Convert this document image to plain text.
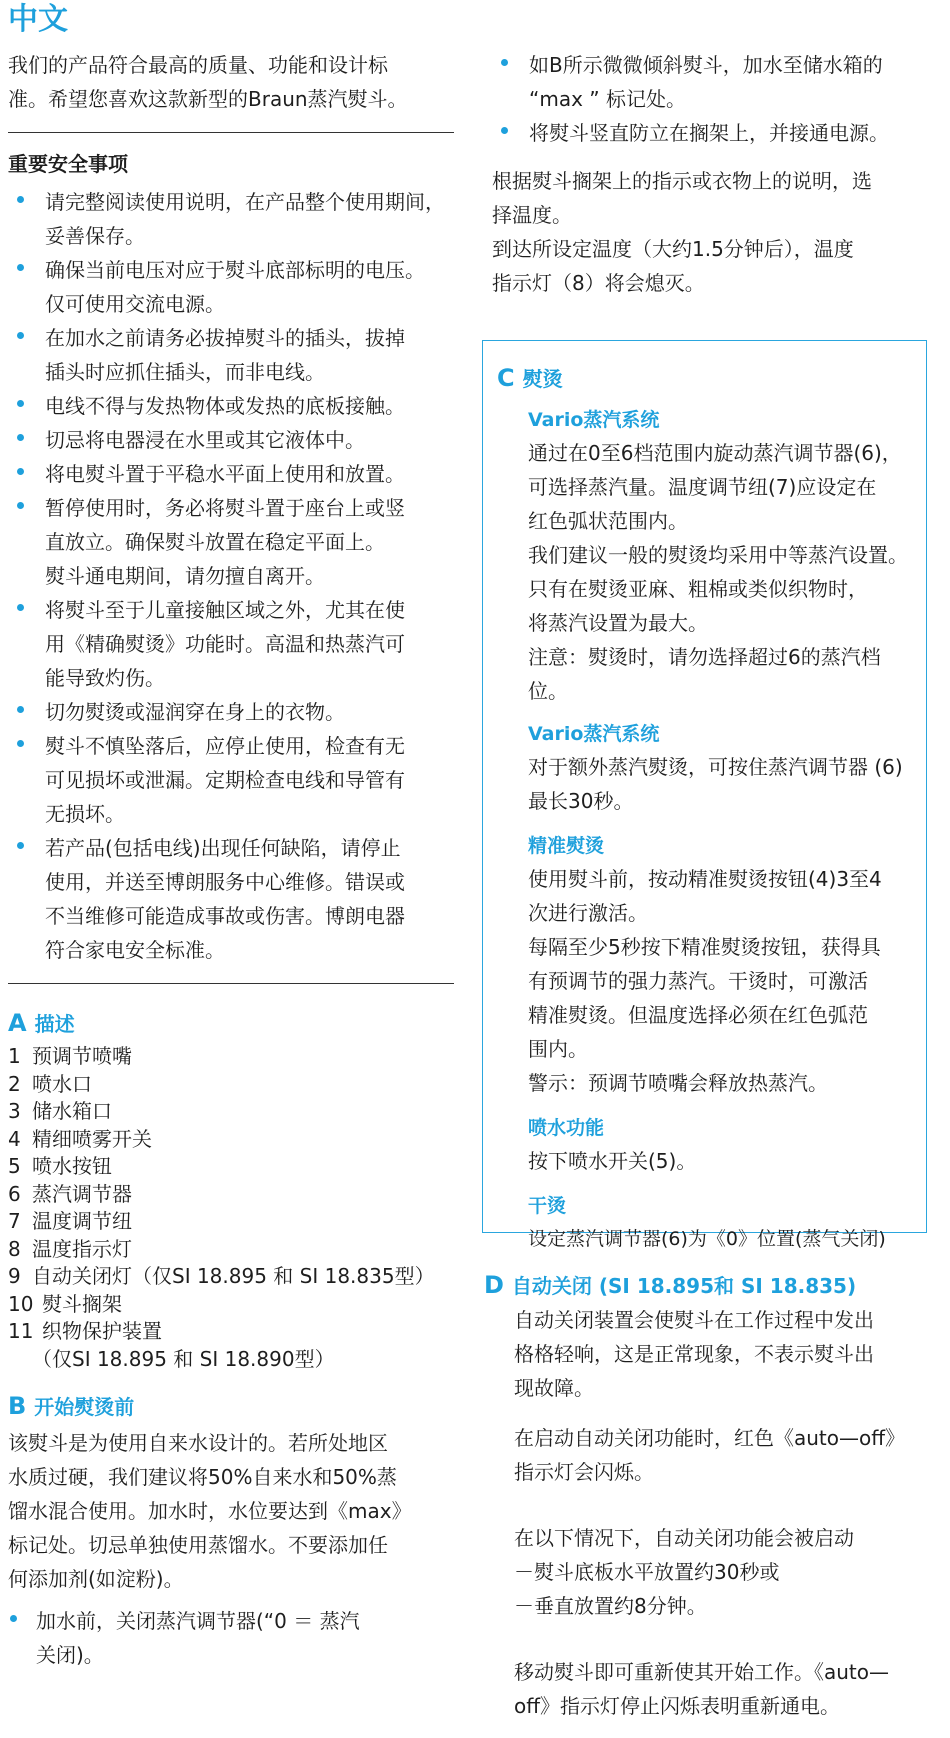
中文

我们的产品符合最高的质量、功能和设计标

准。希望您喜欢这款新型的Braun蒸汽熨斗。

重要安全事项

请完整阅读使用说明，在产品整个使用期间，
妥善保存。
确保当前电压对应于熨斗底部标明的电压。
仅可使用交流电源。
在加水之前请务必拔掉熨斗的插头，拔掉
插头时应抓住插头，而非电线。
电线不得与发热物体或发热的底板接触。
切忌将电器浸在水里或其它液体中。
将电熨斗置于平稳水平面上使用和放置。
暂停使用时，务必将熨斗置于座台上或竖
直放立。确保熨斗放置在稳定平面上。
熨斗通电期间，请勿擅自离开。
将熨斗至于儿童接触区域之外，尤其在使
用《精确熨烫》功能时。高温和热蒸汽可
能导致灼伤。
切勿熨烫或湿润穿在身上的衣物。
熨斗不慎坠落后，应停止使用，检查有无
可见损坏或泄漏。定期检查电线和导管有
无损坏。
若产品(包括电线)出现任何缺陷，请停止
使用，并送至博朗服务中心维修。错误或
不当维修可能造成事故或伤害。博朗电器
符合家电安全标准。
A 描述
1 预调节喷嘴
2 喷水口
3 储水箱口
4 精细喷雾开关
5 喷水按钮
6 蒸汽调节器
7 温度调节纽
8 温度指示灯
9 自动关闭灯（仅SI 18.895 和 SI 18.835型）
10 熨斗搁架
11 织物保护装置
（仅SI 18.895 和 SI 18.890型）
B 开始熨烫前

该熨斗是为使用自来水设计的。若所处地区
水质过硬，我们建议将50%自来水和50%蒸
馏水混合使用。加水时，水位要达到《max》
标记处。切忌单独使用蒸馏水。不要添加任
何添加剂(如淀粉)。

加水前，关闭蒸汽调节器(“0 ＝ 蒸汽
关闭)。
如B所示微微倾斜熨斗，加水至储水箱的
“max ” 标记处。
将熨斗竖直防立在搁架上，并接通电源。

根据熨斗搁架上的指示或衣物上的说明，选
择温度。
到达所设定温度（大约1.5分钟后），温度
指示灯（8）将会熄灭。

C 熨烫

Vario蒸汽系统

通过在0至6档范围内旋动蒸汽调节器(6)，
可选择蒸汽量。温度调节纽(7)应设定在
红色弧状范围内。
我们建议一般的熨烫均采用中等蒸汽设置。
只有在熨烫亚麻、粗棉或类似织物时，
将蒸汽设置为最大。
注意：熨烫时，请勿选择超过6的蒸汽档位。

Vario蒸汽系统

对于额外蒸汽熨烫，可按住蒸汽调节器 (6)
最长30秒。

精准熨烫

使用熨斗前，按动精准熨烫按钮(4)3至4
次进行激活。
每隔至少5秒按下精准熨烫按钮，获得具
有预调节的强力蒸汽。干烫时，可激活
精准熨烫。但温度选择必须在红色弧范
围内。
警示：预调节喷嘴会释放热蒸汽。

喷水功能

按下喷水开关(5)。

干烫

设定蒸汽调节器(6)为《0》位置(蒸气关闭)

D 自动关闭 (SI 18.895和 SI 18.835)

自动关闭装置会使熨斗在工作过程中发出
格格轻响，这是正常现象，不表示熨斗出
现故障。

在启动自动关闭功能时，红色《auto—off》
指示灯会闪烁。

在以下情况下，自动关闭功能会被启动
－熨斗底板水平放置约30秒或
－垂直放置约8分钟。

移动熨斗即可重新使其开始工作。《auto—
off》指示灯停止闪烁表明重新通电。
